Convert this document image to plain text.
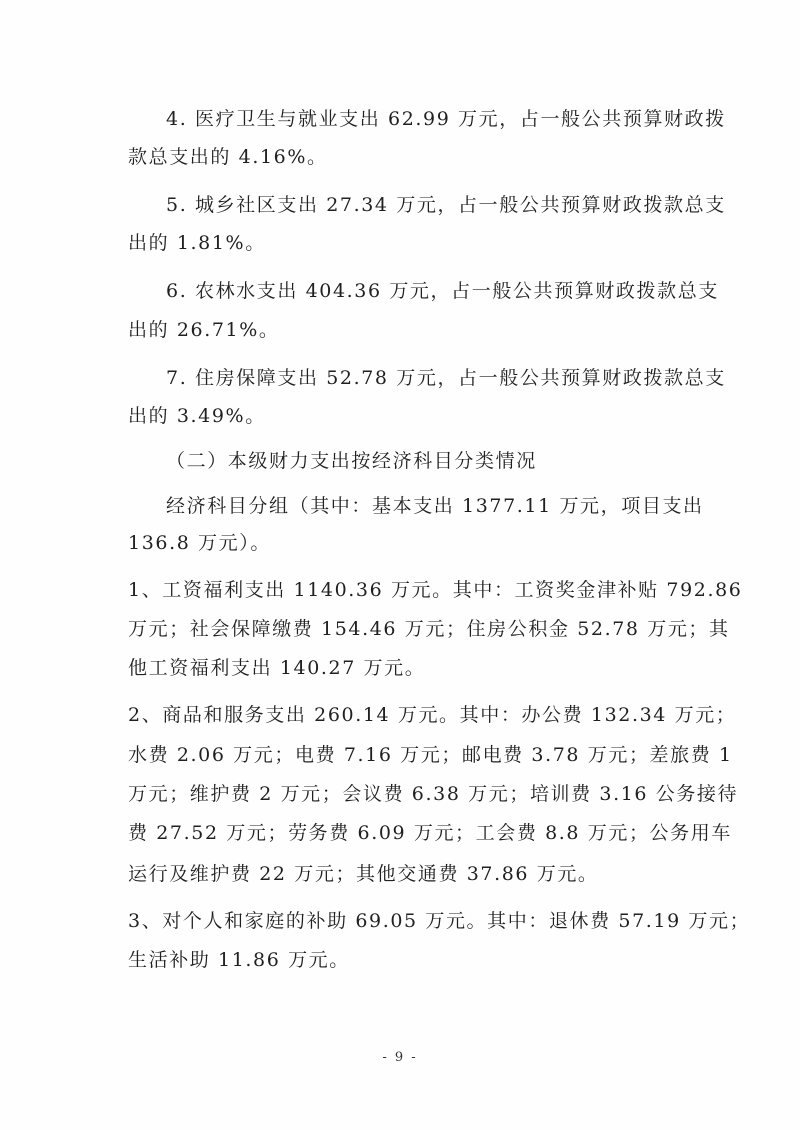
4. 医疗卫生与就业支出 62.99 万元，占一般公共预算财政拨
款总支出的 4.16%。
5. 城乡社区支出 27.34 万元，占一般公共预算财政拨款总支
出的 1.81%。
6. 农林水支出 404.36 万元，占一般公共预算财政拨款总支
出的 26.71%。
7. 住房保障支出 52.78 万元，占一般公共预算财政拨款总支
出的 3.49%。
（二）本级财力支出按经济科目分类情况
经济科目分组（其中：基本支出 1377.11 万元，项目支出
136.8 万元）。
1、工资福利支出 1140.36 万元。其中：工资奖金津补贴 792.86
万元；社会保障缴费 154.46 万元；住房公积金 52.78 万元；其
他工资福利支出 140.27 万元。
2、商品和服务支出 260.14 万元。其中：办公费 132.34 万元；
水费 2.06 万元；电费 7.16 万元；邮电费 3.78 万元；差旅费 1
万元；维护费 2 万元；会议费 6.38 万元；培训费 3.16 公务接待
费 27.52 万元；劳务费 6.09 万元；工会费 8.8 万元；公务用车
运行及维护费 22 万元；其他交通费 37.86 万元。
3、对个人和家庭的补助 69.05 万元。其中：退休费 57.19 万元；
生活补助 11.86 万元。
- 9 -
